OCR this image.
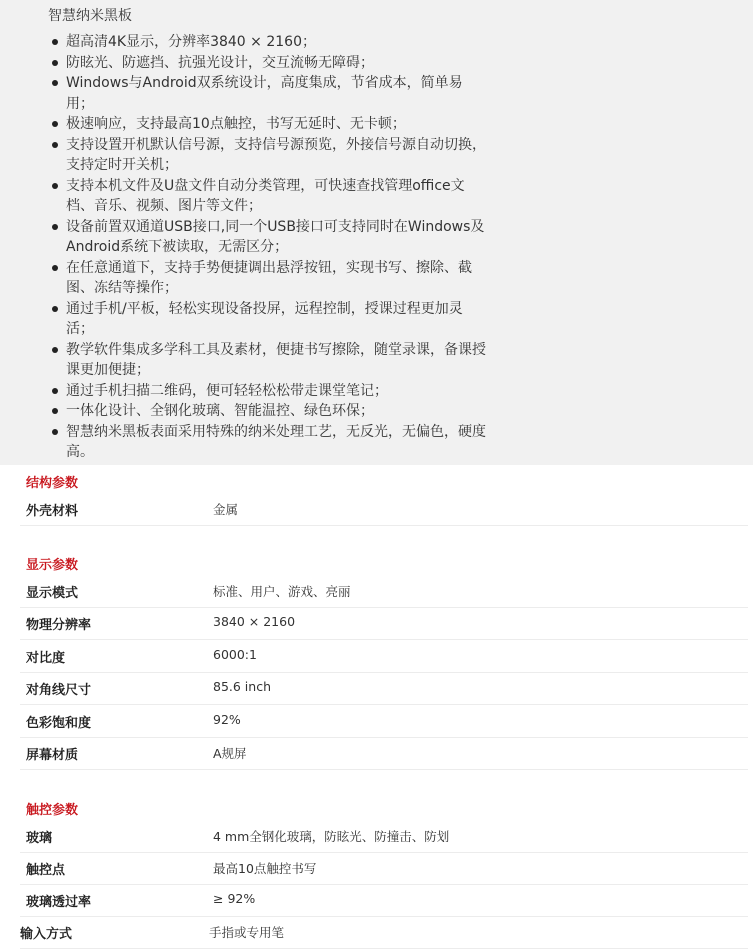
智慧纳米黑板
超高清4K显示，分辨率3840 × 2160；
防眩光、防遮挡、抗强光设计，交互流畅无障碍；
Windows与Android双系统设计，高度集成，节省成本，简单易用；
极速响应，支持最高10点触控，书写无延时、无卡顿；
支持设置开机默认信号源，支持信号源预览，外接信号源自动切换，支持定时开关机；
支持本机文件及U盘文件自动分类管理，可快速查找管理office文档、音乐、视频、图片等文件；
设备前置双通道USB接口,同一个USB接口可支持同时在Windows及Android系统下被读取，无需区分；
在任意通道下，支持手势便捷调出悬浮按钮，实现书写、擦除、截图、冻结等操作；
通过手机/平板，轻松实现设备投屏，远程控制，授课过程更加灵活；
教学软件集成多学科工具及素材，便捷书写擦除，随堂录课，备课授课更加便捷；
通过手机扫描二维码，便可轻轻松松带走课堂笔记；
一体化设计、全钢化玻璃、智能温控、绿色环保；
智慧纳米黑板表面采用特殊的纳米处理工艺，无反光，无偏色，硬度高。
结构参数
外壳材料	金属
显示参数
显示模式	标准、用户、游戏、亮丽
物理分辨率	3840 × 2160
对比度	6000:1
对角线尺寸	85.6 inch
色彩饱和度	92%
屏幕材质	A规屏
触控参数
玻璃	4 mm全钢化玻璃，防眩光、防撞击、防划
触控点	最高10点触控书写
玻璃透过率	≥ 92%
输入方式	手指或专用笔
